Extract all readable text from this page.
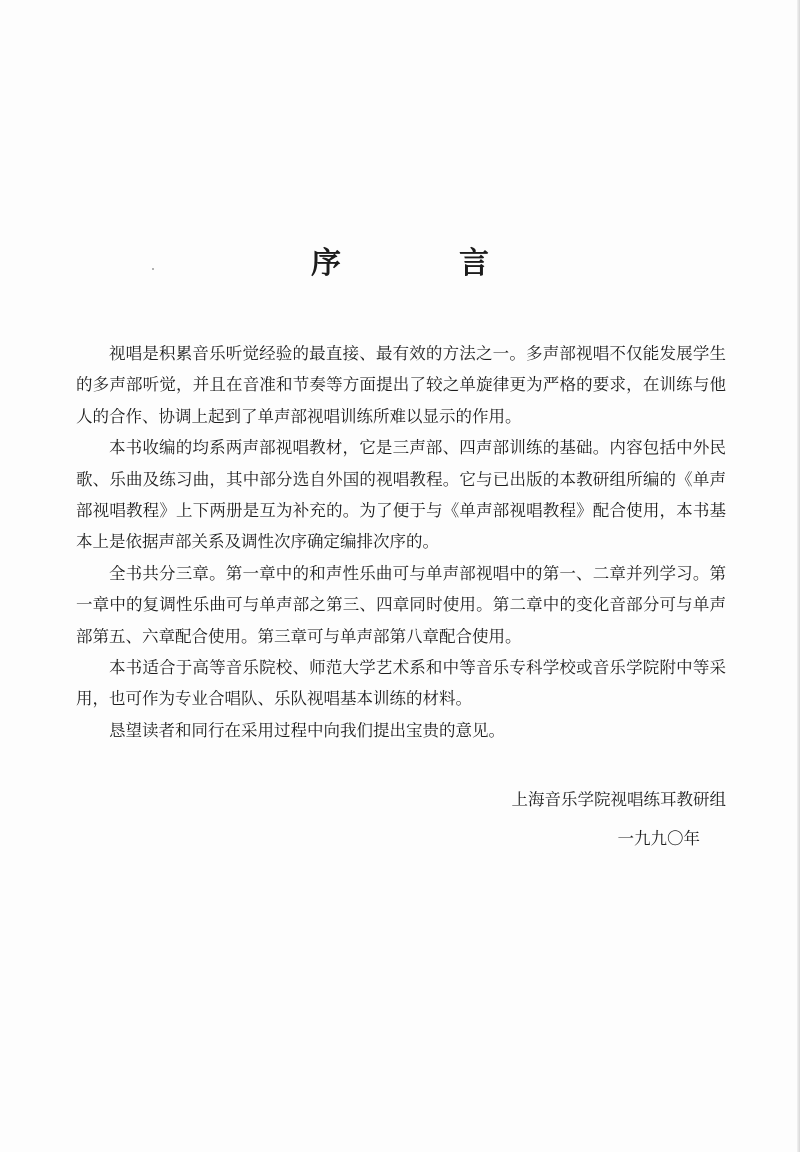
序　言

视唱是积累音乐听觉经验的最直接、最有效的方法之一。多声部视唱不仅能发展学生的多声部听觉，并且在音准和节奏等方面提出了较之单旋律更为严格的要求，在训练与他人的合作、协调上起到了单声部视唱训练所难以显示的作用。

本书收编的均系两声部视唱教材，它是三声部、四声部训练的基础。内容包括中外民歌、乐曲及练习曲，其中部分选自外国的视唱教程。它与已出版的本教研组所编的《单声部视唱教程》上下两册是互为补充的。为了便于与《单声部视唱教程》配合使用，本书基本上是依据声部关系及调性次序确定编排次序的。

全书共分三章。第一章中的和声性乐曲可与单声部视唱中的第一、二章并列学习。第一章中的复调性乐曲可与单声部之第三、四章同时使用。第二章中的变化音部分可与单声部第五、六章配合使用。第三章可与单声部第八章配合使用。

本书适合于高等音乐院校、师范大学艺术系和中等音乐专科学校或音乐学院附中等采用，也可作为专业合唱队、乐队视唱基本训练的材料。

恳望读者和同行在采用过程中向我们提出宝贵的意见。

上海音乐学院视唱练耳教研组
一九九〇年
